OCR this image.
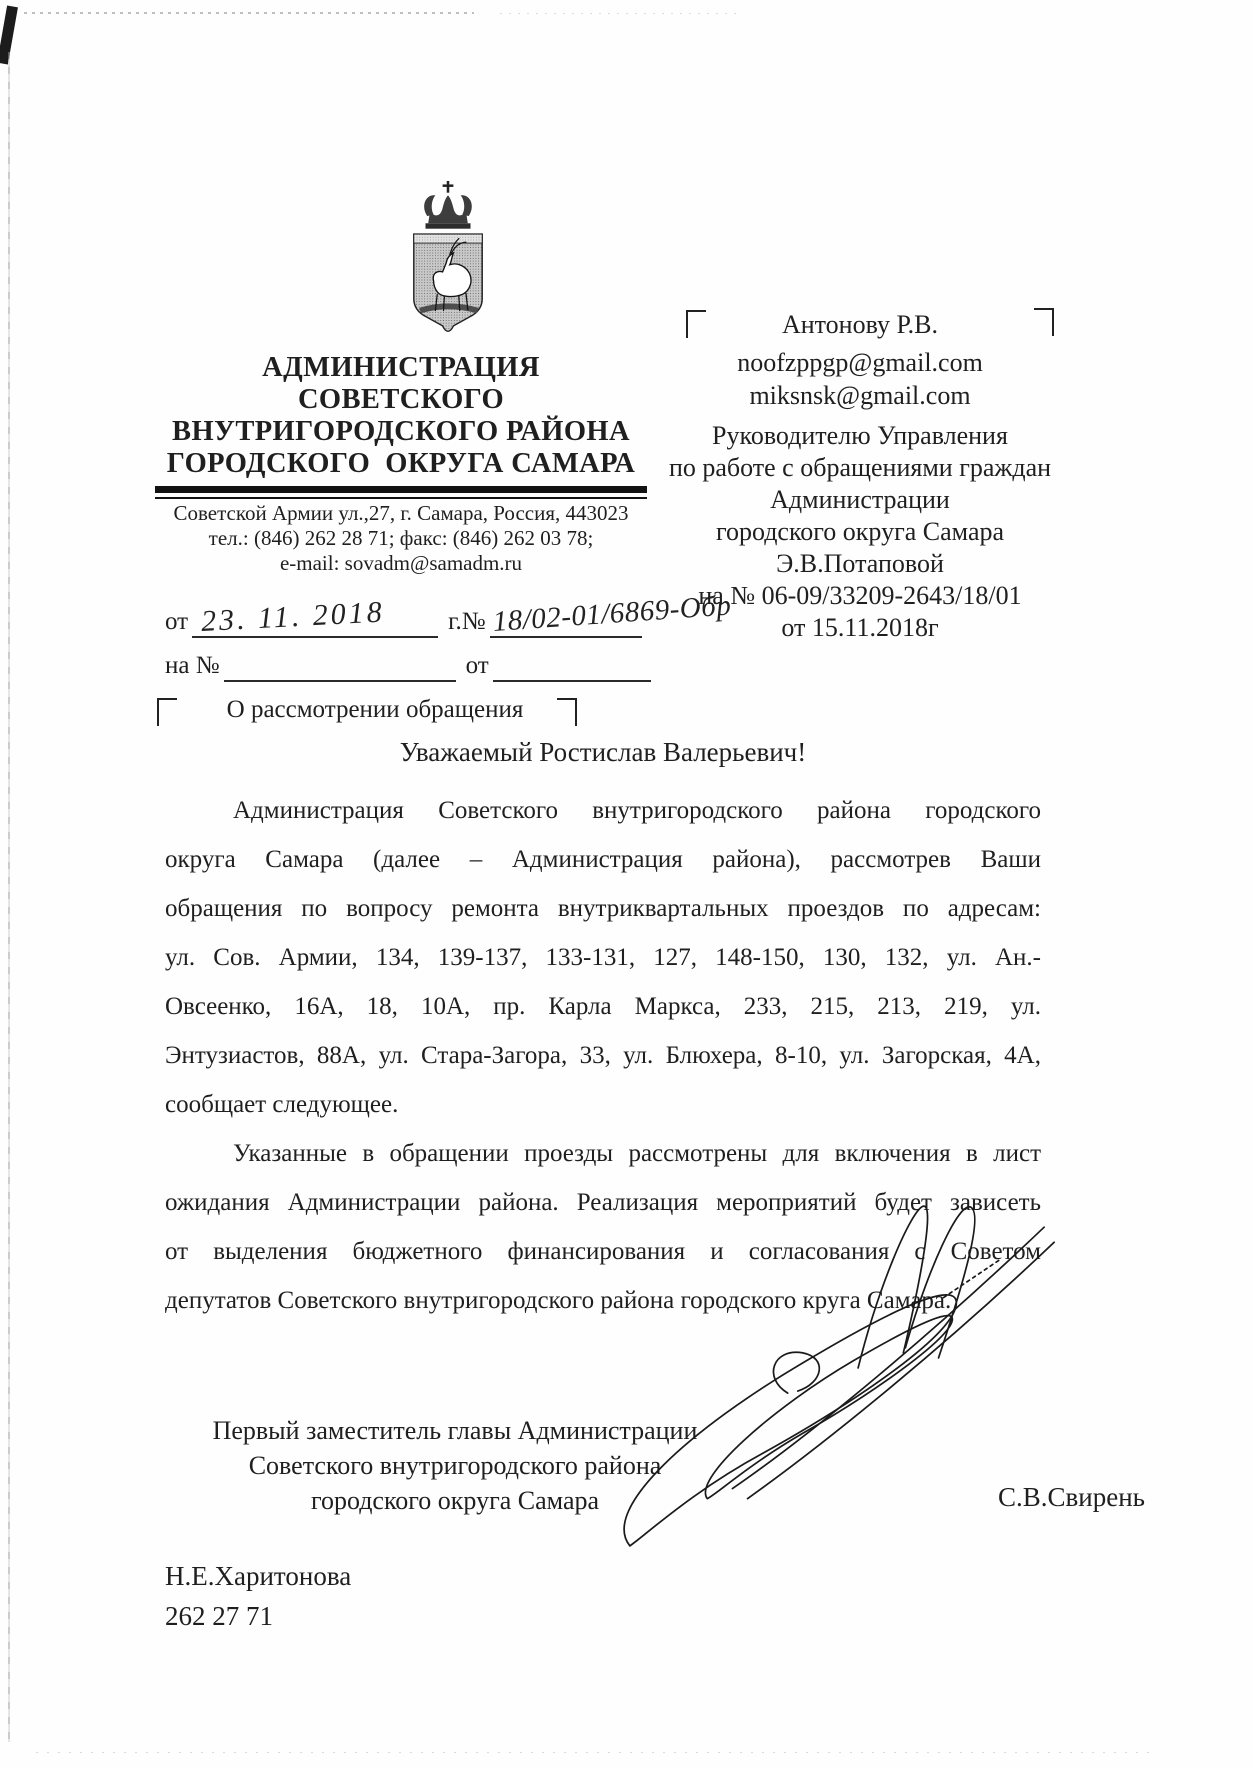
АДМИНИСТРАЦИЯ
СОВЕТСКОГО
ВНУТРИГОРОДСКОГО РАЙОНА
ГОРОДСКОГО  ОКРУГА САМАРА
Советской Армии ул.,27, г. Самара, Россия, 443023
тел.: (846) 262 28 71; факс: (846) 262 03 78;
e-mail: sovadm@samadm.ru
от 23. 11. 2018	г.№ 18/02-01/6869-Обр
на №	от
О рассмотрении обращения
Антонову Р.В.
noofzppgp@gmail.com
miksnsk@gmail.com
Руководителю Управления
по работе с обращениями граждан
Администрации
городского округа Самара
Э.В.Потаповой
на № 06-09/33209-2643/18/01
от 15.11.2018г
Уважаемый Ростислав Валерьевич!
Администрация Советского внутригородского района городского
округа Самара (далее – Администрация района), рассмотрев Ваши
обращения по вопросу ремонта внутриквартальных проездов по адресам:
ул. Сов. Армии, 134, 139-137, 133-131, 127, 148-150, 130, 132, ул. Ан.-
Овсеенко, 16А, 18, 10А, пр. Карла Маркса, 233, 215, 213, 219, ул.
Энтузиастов, 88А, ул. Стара-Загора, 33, ул. Блюхера, 8-10, ул. Загорская, 4А,
сообщает следующее.
Указанные в обращении проезды рассмотрены для включения в лист
ожидания Администрации района. Реализация мероприятий будет зависеть
от выделения бюджетного финансирования и согласования с Советом
депутатов Советского внутригородского района городского круга Самара.
Первый заместитель главы Администрации
Советского внутригородского района
городского округа Самара	С.В.Свирень
Н.Е.Харитонова
262 27 71
